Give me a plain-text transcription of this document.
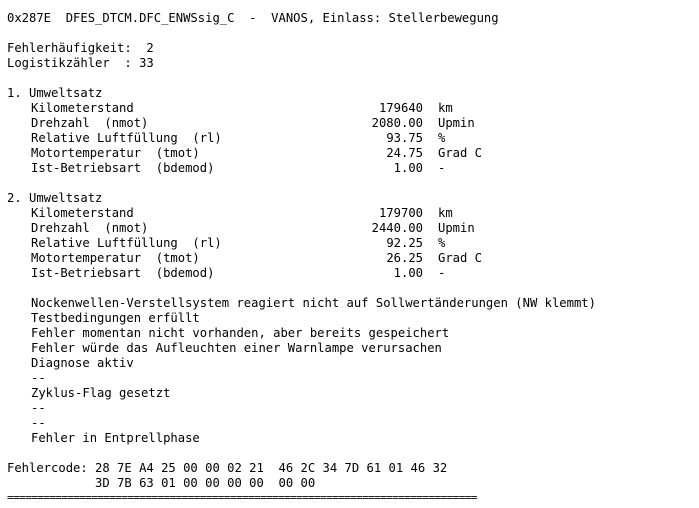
0x287E  DFES_DTCM.DFC_ENWSsig_C  -  VANOS, Einlass: Stellerbewegung
Fehlerhäufigkeit:  2
Logistikzähler  : 33
1. Umweltsatz
Kilometerstand	179640 km
Drehzahl  (nmot)	2080.00 Upmin
Relative Luftfüllung  (rl)	93.75 %
Motortemperatur  (tmot)	24.75 Grad C
Ist-Betriebsart  (bdemod)	1.00 -
2. Umweltsatz
Kilometerstand	179700 km
Drehzahl  (nmot)	2440.00 Upmin
Relative Luftfüllung  (rl)	92.25 %
Motortemperatur  (tmot)	26.25 Grad C
Ist-Betriebsart  (bdemod)	1.00 -
Nockenwellen-Verstellsystem reagiert nicht auf Sollwertänderungen (NW klemmt)
Testbedingungen erfüllt
Fehler momentan nicht vorhanden, aber bereits gespeichert
Fehler würde das Aufleuchten einer Warnlampe verursachen
Diagnose aktiv
--
Zyklus-Flag gesetzt
--
--
Fehler in Entprellphase
Fehlercode: 28 7E A4 25 00 00 02 21  46 2C 34 7D 61 01 46 32
3D 7B 63 01 00 00 00 00  00 00
==============================================================================
